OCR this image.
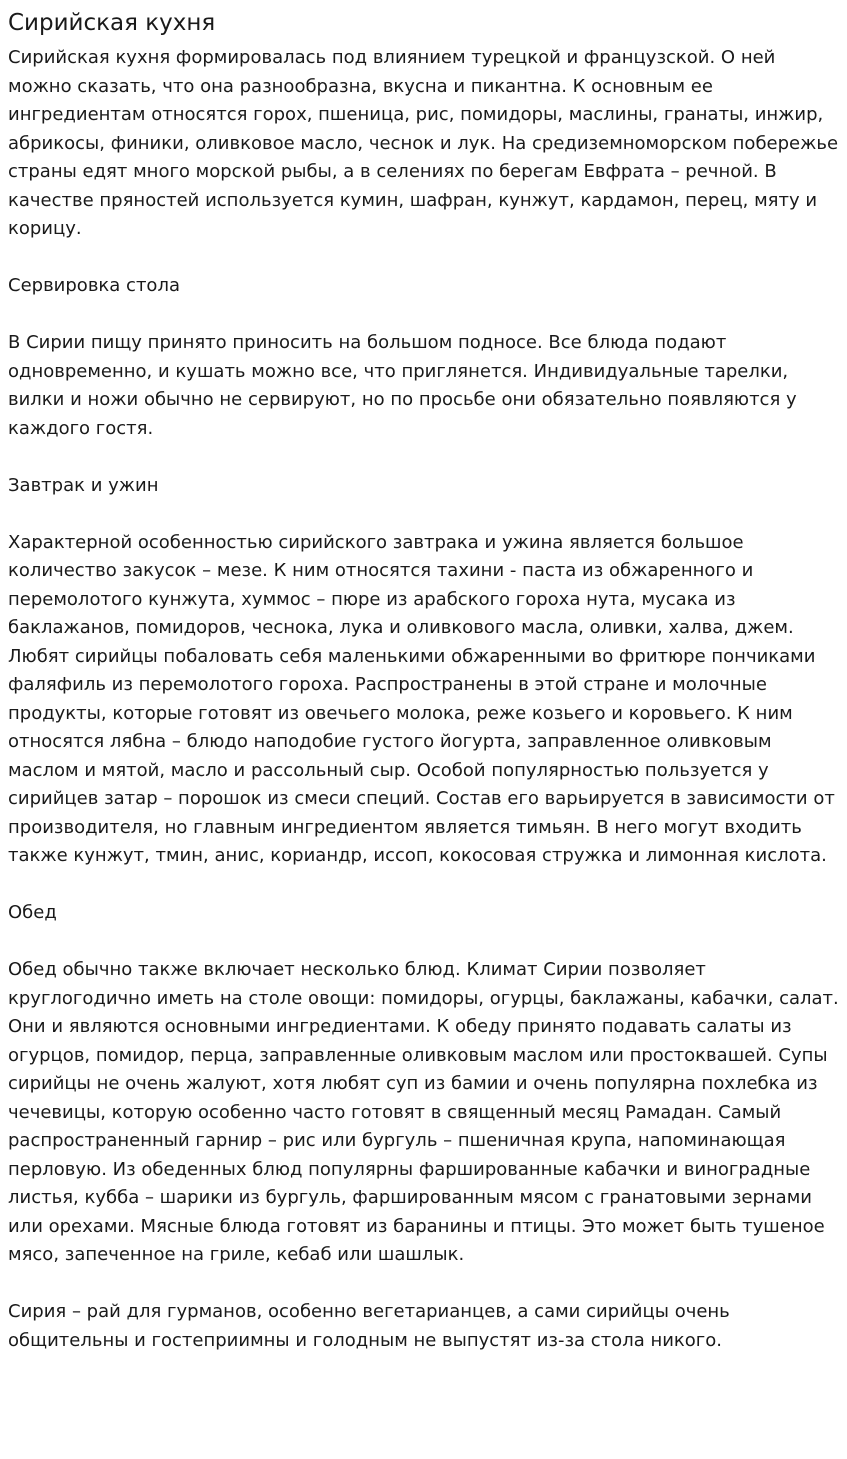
Сирийская кухня

Сирийская кухня формировалась под влиянием турецкой и французской. О ней можно сказать, что она разнообразна, вкусна и пикантна. К основным ее ингредиентам относятся горох, пшеница, рис, помидоры, маслины, гранаты, инжир, абрикосы, финики, оливковое масло, чеснок и лук. На средиземноморском побережье страны едят много морской рыбы, а в селениях по берегам Евфрата – речной. В качестве пряностей используется кумин, шафран, кунжут, кардамон, перец, мяту и корицу.

Сервировка стола

В Сирии пищу принято приносить на большом подносе. Все блюда подают одновременно, и кушать можно все, что приглянется. Индивидуальные тарелки, вилки и ножи обычно не сервируют, но по просьбе они обязательно появляются у каждого гостя.

Завтрак и ужин

Характерной особенностью сирийского завтрака и ужина является большое количество закусок – мезе. К ним относятся тахини - паста из обжаренного и перемолотого кунжута, хуммос – пюре из арабского гороха нута, мусака из баклажанов, помидоров, чеснока, лука и оливкового масла, оливки, халва, джем. Любят сирийцы побаловать себя маленькими обжаренными во фритюре пончиками фаляфиль из перемолотого гороха. Распространены в этой стране и молочные продукты, которые готовят из овечьего молока, реже козьего и коровьего. К ним относятся лябна – блюдо наподобие густого йогурта, заправленное оливковым маслом и мятой, масло и рассольный сыр. Особой популярностью пользуется у сирийцев затар – порошок из смеси специй. Состав его варьируется в зависимости от производителя, но главным ингредиентом является тимьян. В него могут входить также кунжут, тмин, анис, кориандр, иссоп, кокосовая стружка и лимонная кислота.

Обед

Обед обычно также включает несколько блюд. Климат Сирии позволяет круглогодично иметь на столе овощи: помидоры, огурцы, баклажаны, кабачки, салат. Они и являются основными ингредиентами. К обеду принято подавать салаты из огурцов, помидор, перца, заправленные оливковым маслом или простоквашей. Супы сирийцы не очень жалуют, хотя любят суп из бамии и очень популярна похлебка из чечевицы, которую особенно часто готовят в священный месяц Рамадан. Самый распространенный гарнир – рис или бургуль – пшеничная крупа, напоминающая перловую. Из обеденных блюд популярны фаршированные кабачки и виноградные листья, кубба – шарики из бургуль, фаршированным мясом с гранатовыми зернами или орехами. Мясные блюда готовят из баранины и птицы. Это может быть тушеное мясо, запеченное на гриле, кебаб или шашлык.

Сирия – рай для гурманов, особенно вегетарианцев, а сами сирийцы очень общительны и гостеприимны и голодным не выпустят из-за стола никого.
